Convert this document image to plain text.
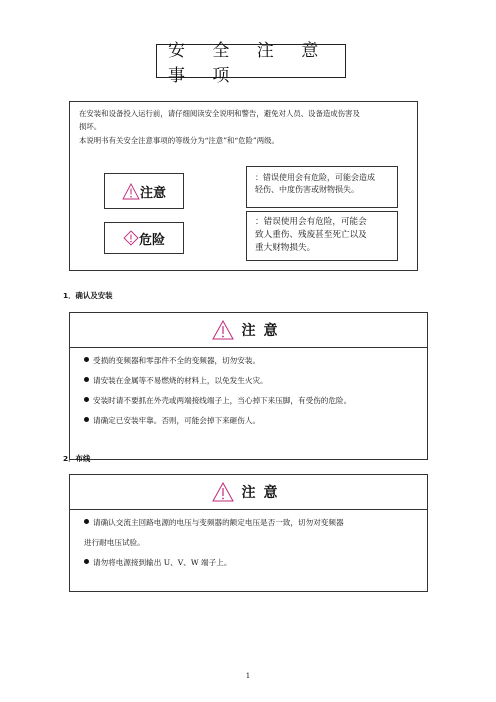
安 全 注 意 事 项
在安装和设备投入运行前，请仔细阅读安全说明和警告，避免对人员、设备造成伤害及
损坏。
本说明书有关安全注意事项的等级分为“注意”和“危险”两级。
注意
：错误使用会有危险，可能会造成
轻伤、中度伤害或财物损失。
危险
：错误使用会有危险，可能会
致人重伤、残废甚至死亡以及
重大财物损失。
1．确认及安装
注意
受损的变频器和零部件不全的变频器，切勿安装。
请安装在金属等不易燃烧的材料上，以免发生火灾。
安装时请不要抓在外壳或两端接线端子上，当心掉下来压脚，有受伤的危险。
请确定已安装牢靠。否则，可能会掉下来砸伤人。
2．布线
注意
请确认交流主回路电源的电压与变频器的额定电压是否一致，切勿对变频器
进行耐电压试验。
请勿将电源接到输出 U、V、W 端子上。
1
